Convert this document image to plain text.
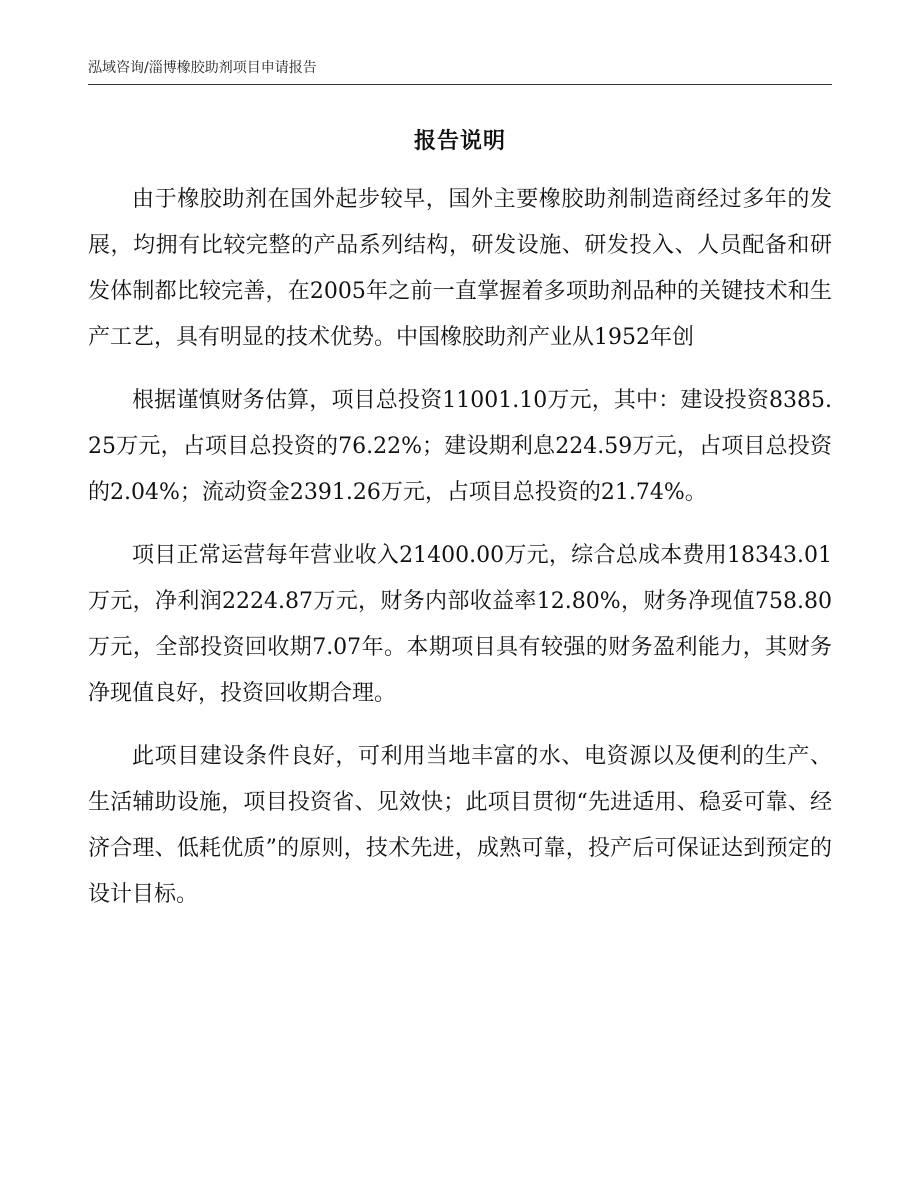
泓域咨询/淄博橡胶助剂项目申请报告
报告说明

由于橡胶助剂在国外起步较早，国外主要橡胶助剂制造商经过多年的发展，均拥有比较完整的产品系列结构，研发设施、研发投入、人员配备和研发体制都比较完善，在2005年之前一直掌握着多项助剂品种的关键技术和生产工艺，具有明显的技术优势。中国橡胶助剂产业从1952年创

根据谨慎财务估算，项目总投资11001.10万元，其中：建设投资8385.25万元，占项目总投资的76.22%；建设期利息224.59万元，占项目总投资的2.04%；流动资金2391.26万元，占项目总投资的21.74%。

项目正常运营每年营业收入21400.00万元，综合总成本费用18343.01万元，净利润2224.87万元，财务内部收益率12.80%，财务净现值758.80万元，全部投资回收期7.07年。本期项目具有较强的财务盈利能力，其财务净现值良好，投资回收期合理。

此项目建设条件良好，可利用当地丰富的水、电资源以及便利的生产、生活辅助设施，项目投资省、见效快；此项目贯彻“先进适用、稳妥可靠、经济合理、低耗优质”的原则，技术先进，成熟可靠，投产后可保证达到预定的设计目标。
